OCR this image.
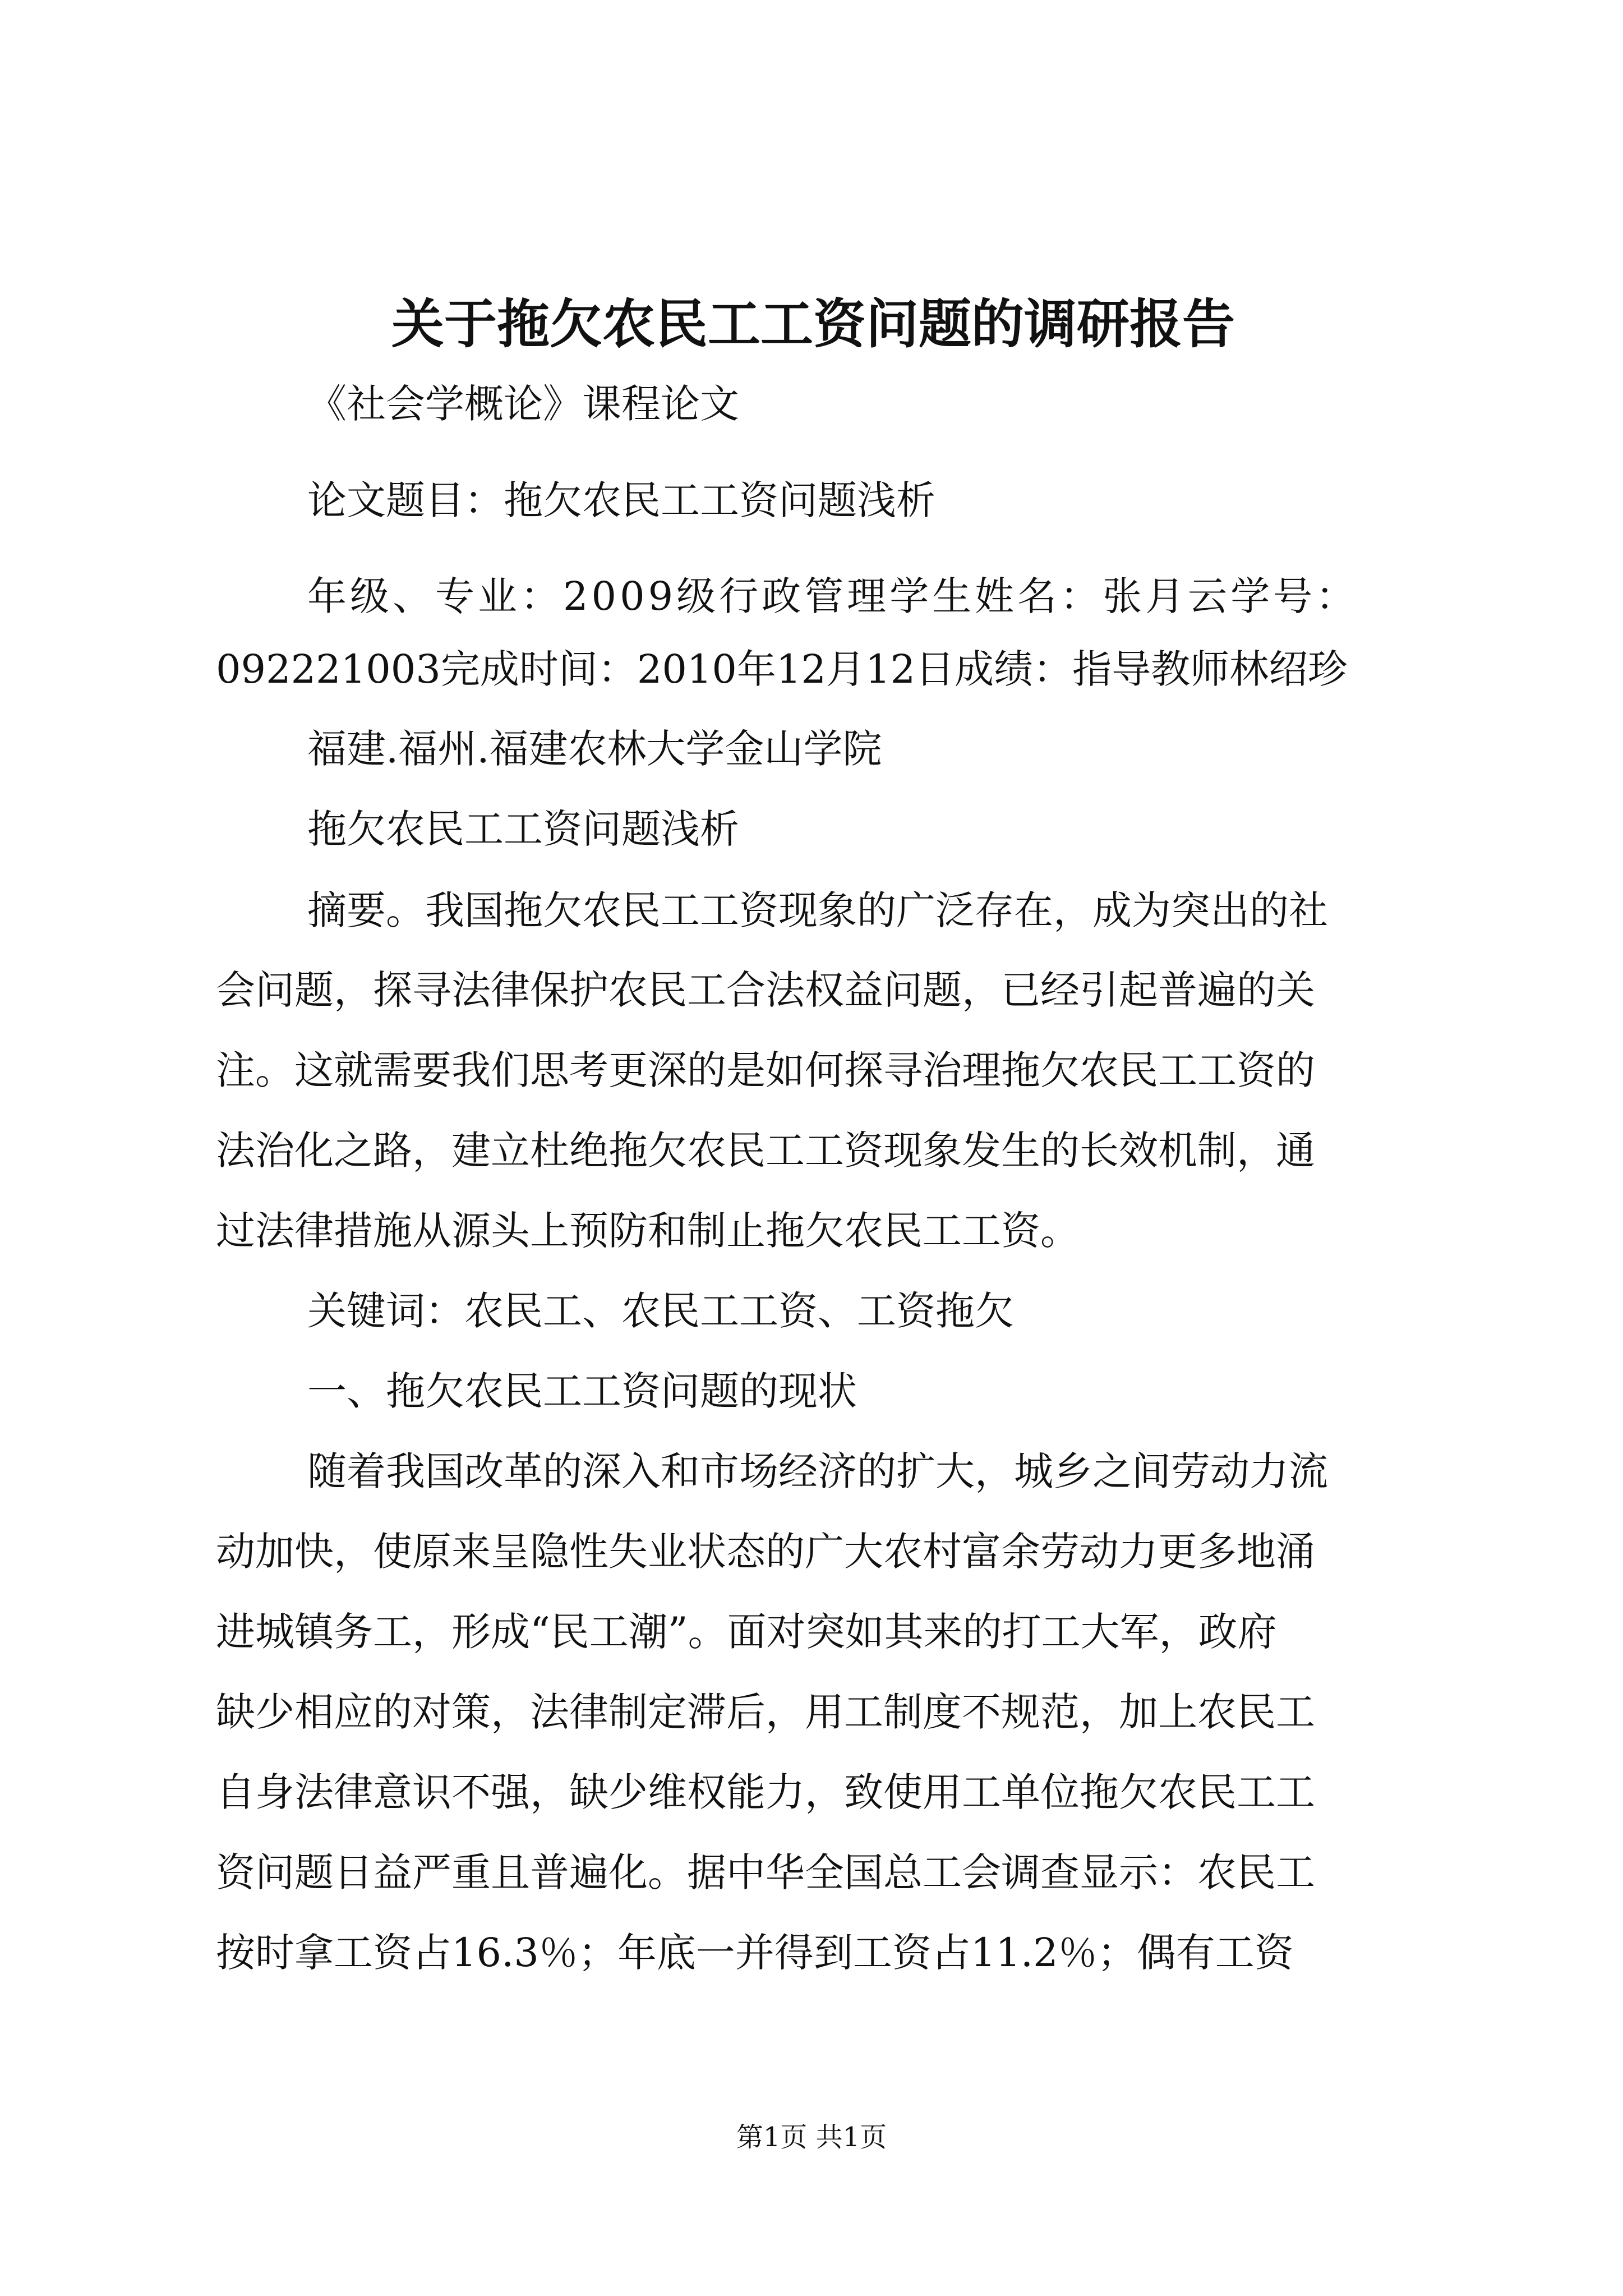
关于拖欠农民工工资问题的调研报告
《社会学概论》课程论文
论文题目：拖欠农民工工资问题浅析
年级、专业：2009级行政管理学生姓名：张月云学号：
092221003完成时间：2010年12月12日成绩：指导教师林绍珍
福建.福州.福建农林大学金山学院
拖欠农民工工资问题浅析
摘要。我国拖欠农民工工资现象的广泛存在，成为突出的社
会问题，探寻法律保护农民工合法权益问题，已经引起普遍的关
注。这就需要我们思考更深的是如何探寻治理拖欠农民工工资的
法治化之路，建立杜绝拖欠农民工工资现象发生的长效机制，通
过法律措施从源头上预防和制止拖欠农民工工资。
关键词：农民工、农民工工资、工资拖欠
一、拖欠农民工工资问题的现状
随着我国改革的深入和市场经济的扩大，城乡之间劳动力流
动加快，使原来呈隐性失业状态的广大农村富余劳动力更多地涌
进城镇务工，形成“民工潮”。面对突如其来的打工大军，政府
缺少相应的对策，法律制定滞后，用工制度不规范，加上农民工
自身法律意识不强，缺少维权能力，致使用工单位拖欠农民工工
资问题日益严重且普遍化。据中华全国总工会调查显示：农民工
按时拿工资占16.3％；年底一并得到工资占11.2％；偶有工资
第1页 共1页
